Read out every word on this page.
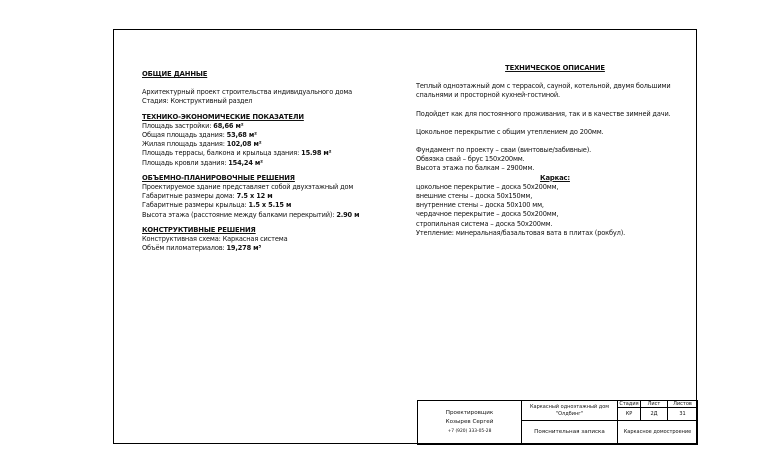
ОБЩИЕ ДАННЫЕ
Архитектурный проект строительства индивидуального дома
Стадия: Конструктивный раздел
ТЕХНИКО-ЭКОНОМИЧЕСКИЕ ПОКАЗАТЕЛИ
Площадь застройки: 68,66 м²
Общая площадь здания: 53,68 м²
Жилая площадь здания: 102,08 м²
Площадь террасы, балкона и крыльца здания: 15.98 м²
Площадь кровли здания: 154,24 м²
ОБЪЕМНО-ПЛАНИРОВОЧНЫЕ РЕШЕНИЯ
Проектируемое здание представляет собой двухэтажный дом
Габаритные размеры дома: 7.5 х 12 м
Габаритные размеры крыльца: 1.5 х 5.15 м
Высота этажа (расстояние между балками перекрытий): 2.90 м
КОНСТРУКТИВНЫЕ РЕШЕНИЯ
Конструктивная схема: Каркасная система
Объём пиломатериалов: 19,278 м³
ТЕХНИЧЕСКОЕ ОПИСАНИЕ
Теплый одноэтажный дом с террасой, сауной, котельной, двумя большими спальнями и просторной кухней-гостиной.
Подойдет как для постоянного проживания, так и в качестве зимней дачи.
Цокольное перекрытие с общим утеплением до 200мм.
Фундамент по проекту – сваи (винтовые/забивные).
Обвязка свай – брус 150х200мм.
Высота этажа по балкам – 2900мм.
Каркас:
цокольное перекрытие – доска 50х200мм,
внешние стены – доска 50х150мм,
внутренние стены – доска 50х100 мм,
чердачное перекрытие – доска 50х200мм,
стропильная система – доска 50х200мм.
Утепление: минеральная/базальтовая вата в плитах (рокбул).
Проектировщик
Козырев Сергей
+7 (920) 333-05-28
Каркасный одноэтажный дом "Олдбинг"
Пояснительная записка
Стадия	Лист	Листов
КР	2Д	31
Каркасное домостроение
